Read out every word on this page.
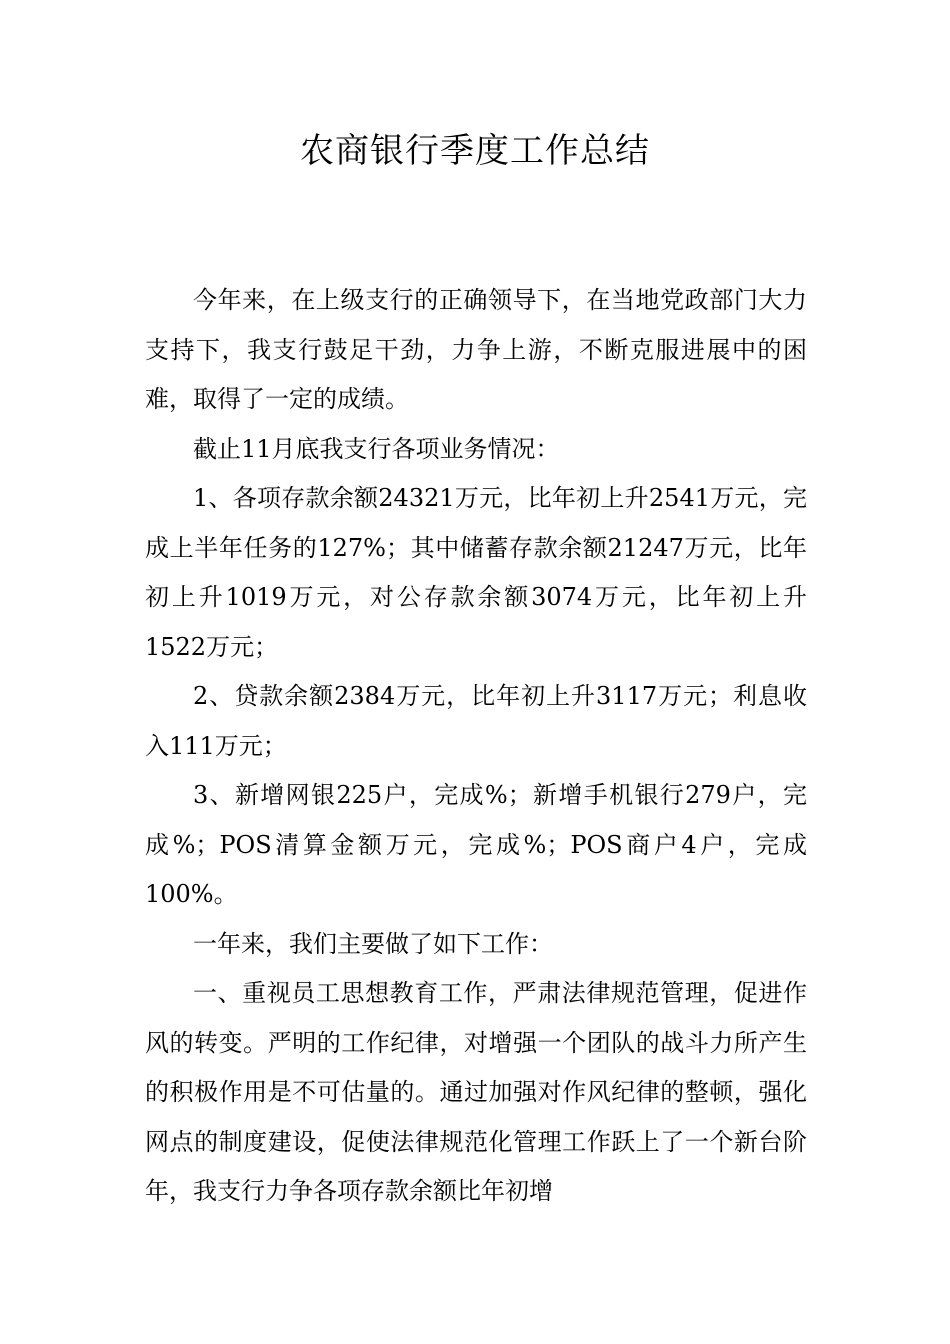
农商银行季度工作总结

今年来，在上级支行的正确领导下，在当地党政部门大力支持下，我支行鼓足干劲，力争上游，不断克服进展中的困难，取得了一定的成绩。

截止11月底我支行各项业务情况：

1、各项存款余额24321万元，比年初上升2541万元，完成上半年任务的127%；其中储蓄存款余额21247万元，比年初上升1019万元，对公存款余额3074万元，比年初上升1522万元；

2、贷款余额2384万元，比年初上升3117万元；利息收入111万元；

3、新增网银225户，完成%；新增手机银行279户，完成%；POS清算金额万元，完成%；POS商户4户，完成100%。

一年来，我们主要做了如下工作：

一、重视员工思想教育工作，严肃法律规范管理，促进作风的转变。严明的工作纪律，对增强一个团队的战斗力所产生的积极作用是不可估量的。通过加强对作风纪律的整顿，强化网点的制度建设，促使法律规范化管理工作跃上了一个新台阶年，我支行力争各项存款余额比年初增
